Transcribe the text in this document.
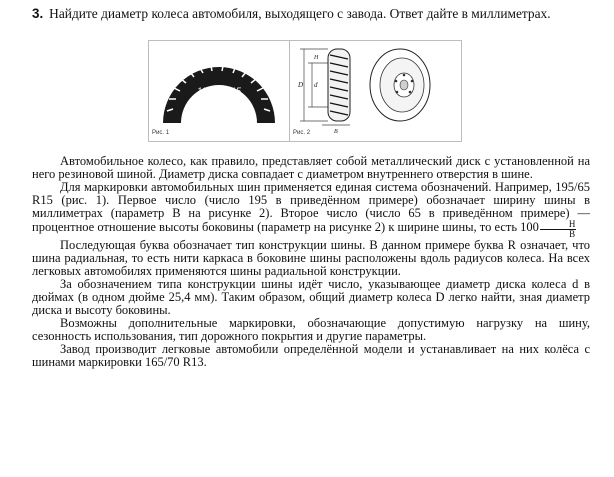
3. Найдите диаметр колеса автомобиля, выходящего с завода. Ответ дайте в миллиметрах.
195/65R15
Рис. 1
D d
H
B
Рис. 2

Автомобильное колесо, как правило, представляет собой металлический диск с установленной на него резиновой шиной. Диаметр диска совпадает с диаметром внутреннего отверстия в шине.

Для маркировки автомобильных шин применяется единая система обозначений. Например, 195/65 R15 (рис. 1). Первое число (число 195 в приведённом примере) обозначает ширину шины в миллиметрах (параметр B на рисунке 2). Второе число (число 65 в приведённом примере) — процентное отношение высоты боковины (параметр на рисунке 2) к ширине шины, то есть $100 \frac{H}{B}$

Последующая буква обозначает тип конструкции шины. В данном примере буква R означает, что шина радиальная, то есть нити каркаса в боковине шины расположены вдоль радиусов колеса. На всех легковых автомобилях применяются шины радиальной конструкции.

За обозначением типа конструкции шины идёт число, указывающее диаметр диска колеса d в дюймах (в одном дюйме 25,4 мм). Таким образом, общий диаметр колеса D легко найти, зная диаметр диска и высоту боковины.

Возможны дополнительные маркировки, обозначающие допустимую нагрузку на шину, сезонность использования, тип дорожного покрытия и другие параметры.

Завод производит легковые автомобили определённой модели и устанавливает на них колёса с шинами маркировки 165/70 R13.
